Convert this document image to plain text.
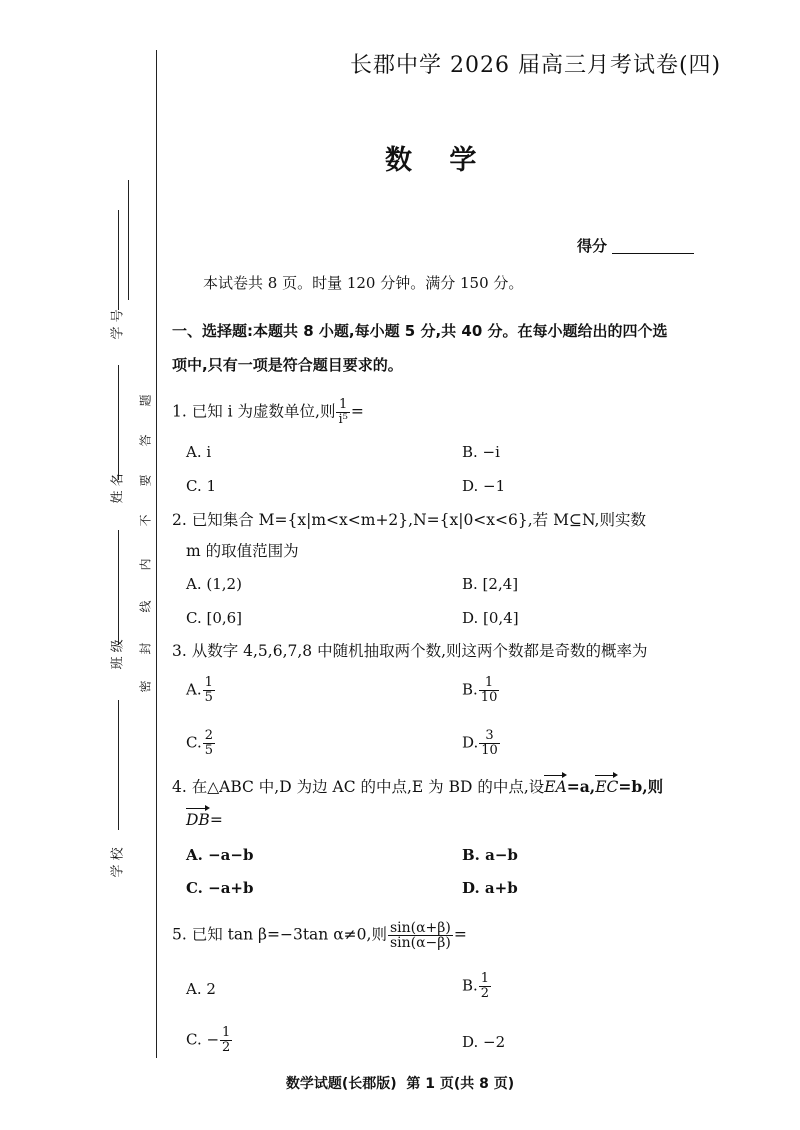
学 号
姓 名
班 级
学 校
题
答
要
不
内
线
封
密
长郡中学 2026 届高三月考试卷(四)
数 学
得分
本试卷共 8 页。时量 120 分钟。满分 150 分。
一、选择题:本题共 8 小题,每小题 5 分,共 40 分。在每小题给出的四个选
项中,只有一项是符合题目要求的。
1. 已知 i 为虚数单位,则 $\frac{1}{\text{i⁵}}$ =
A. i	B. −i
C. 1	D. −1
2. 已知集合 M={x|m<x<m+2},N={x|0<x<6},若 M⊆N,则实数
m 的取值范围为
A. (1,2)	B. [2,4]
C. [0,6]	D. [0,4]
3. 从数字 4,5,6,7,8 中随机抽取两个数,则这两个数都是奇数的概率为
A. $\frac{1}{5}$	B. $\frac{1}{10}$
C. $\frac{2}{5}$	D. $\frac{3}{10}$
4. 在△ABC 中,D 为边 AC 的中点,E 为 BD 的中点,设EA=a,EC=b,则
DB=
A. −a−b	B. a−b
C. −a+b	D. a+b
5. 已知 tan β=−3tan α≠0,则 $\frac{\sin(\alpha+\beta)}{\sin(\alpha-\beta)}$ =
A. 2	B. $\frac{1}{2}$
C. − $\frac{1}{2}$	D. −2
数学试题(长郡版)  第 1 页(共 8 页)
